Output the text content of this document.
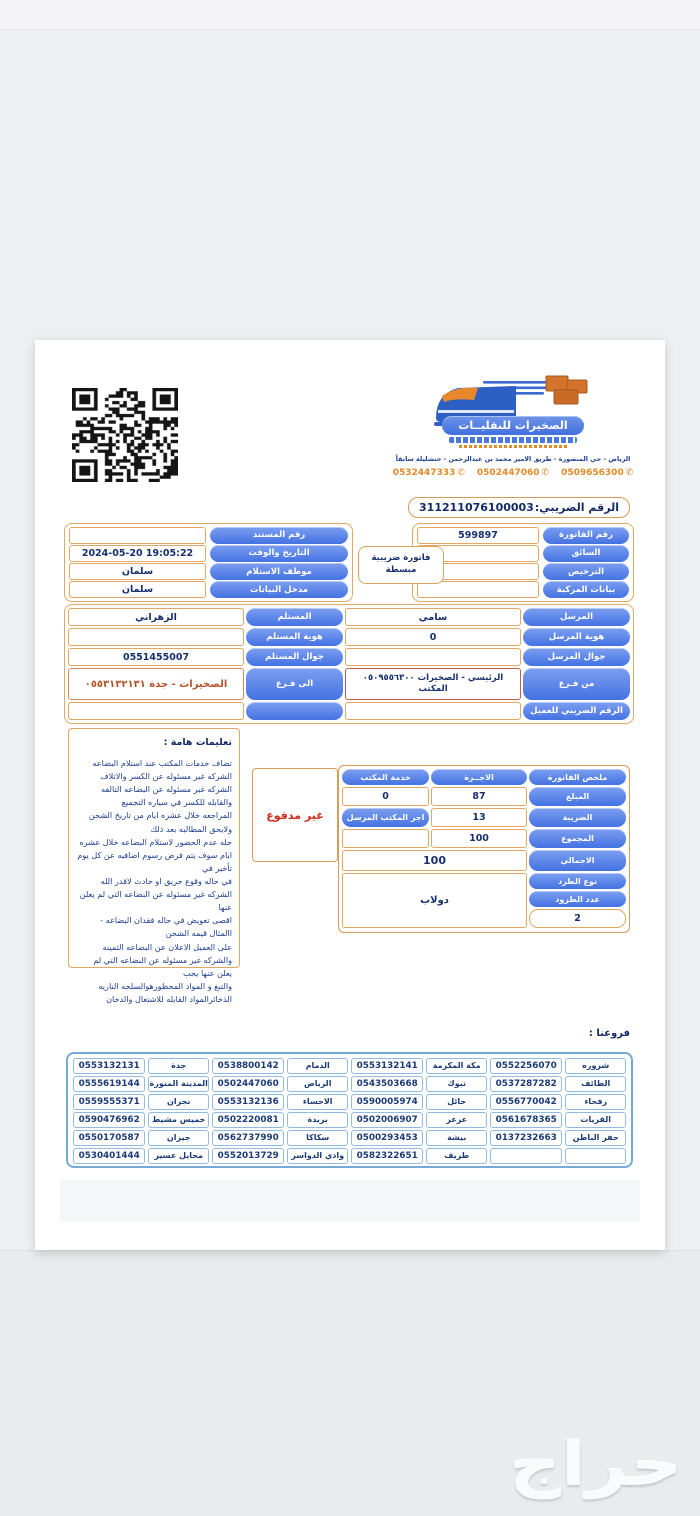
الصخيرات للنقليــات
الرياض - حي المنصورة - طريق الامير محمد بن عبدالرحمن - خنشليلة سابقاً
0532447333 ✆ 0502447060 ✆ 0509656300 ✆
الرقم الضريبي:
311211076100003
رقم الفاتورة
599897
السائق
الترخيص
بيانات المركبة
فاتورة ضريبية مبسطة
رقم المستند
التاريخ والوقت
2024-05-20 19:05:22
موظف الاستلام
سلمان
مدخل البيانات
سلمان
المرسل
سامي
المستلم
الزهراني
هوية المرسل
0
هوية المستلم
جوال المرسل
جوال المستلم
0551455007
من فـرع
الرئيسي - الصخيرات ٠٥٠٩٥٥٦٣٠٠ المكتب
الى فـرع
الصخيرات - جدة ٠٥٥٣١٣٢١٣١
الرقم الضريبي للعميل
تعليمات هامة :
تضاف خدمات المكتب عند استلام البضاعه
الشركه غير مسئوله عن الكسر والاتلاف
الشركه غير مسئوله عن البضاعه التالفه والقابله للكسر في سياره التجميع
المراجعه خلال عشره ايام من تاريخ الشحن ولايحق المطالبه بعد ذلك
حله عدم الحضور لاستلام البضاعه خلال عشره ايام سوف يتم فرض رسوم اضافيه عن كل يوم تأخير في
في حاله وقوع حريق او حادث لاقدر الله الشركه غير مسئوله عن البضاعه التي لم يعلن عنها
اقصى تعويض في حاله فقدان البضاعه - االمثال قيمه الشحن
على العميل الاعلان عن البضاعه الثمينه والشركه غير مسئوله عن البضاعه التي لم يعلن عنها يجب
والتبغ و المواد المحظورهوالسلحه الناريه الذخائرالمواد القابله للاشتعال والدخان
غير مدفوع
ملخص الفانورة
الاجــرة
خدمة المكتب
المبلغ
87
0
الضريبة
13
اجر المكتب المرسل
المجموع
100
الاجمالي
100
نوع الطرد
دولاب	عدد الطرود
2
فروعنا :
شروره
0552256070
مكة المكرمة
0553132141
الدمام
0538800142
جدة
0553132131
الطائف
0537287282
تبوك
0543503668
الرياض
0502447060
المدينة المنورة
0555619144
رفحاء
0556770042
حائل
0590005974
الاحساء
0553132136
نجران
0559555371
القريات
0561678365
عرعر
0502006907
بريدة
0502220081
خميس مشيط
0590476962
حفر الباطن
0137232663
بيشة
0500293453
سكاكا
0562737990
جيزان
0550170587
طريف
0582322651
وادي الدواسر
0552013729
محايل عسير
0530401444
حراج
